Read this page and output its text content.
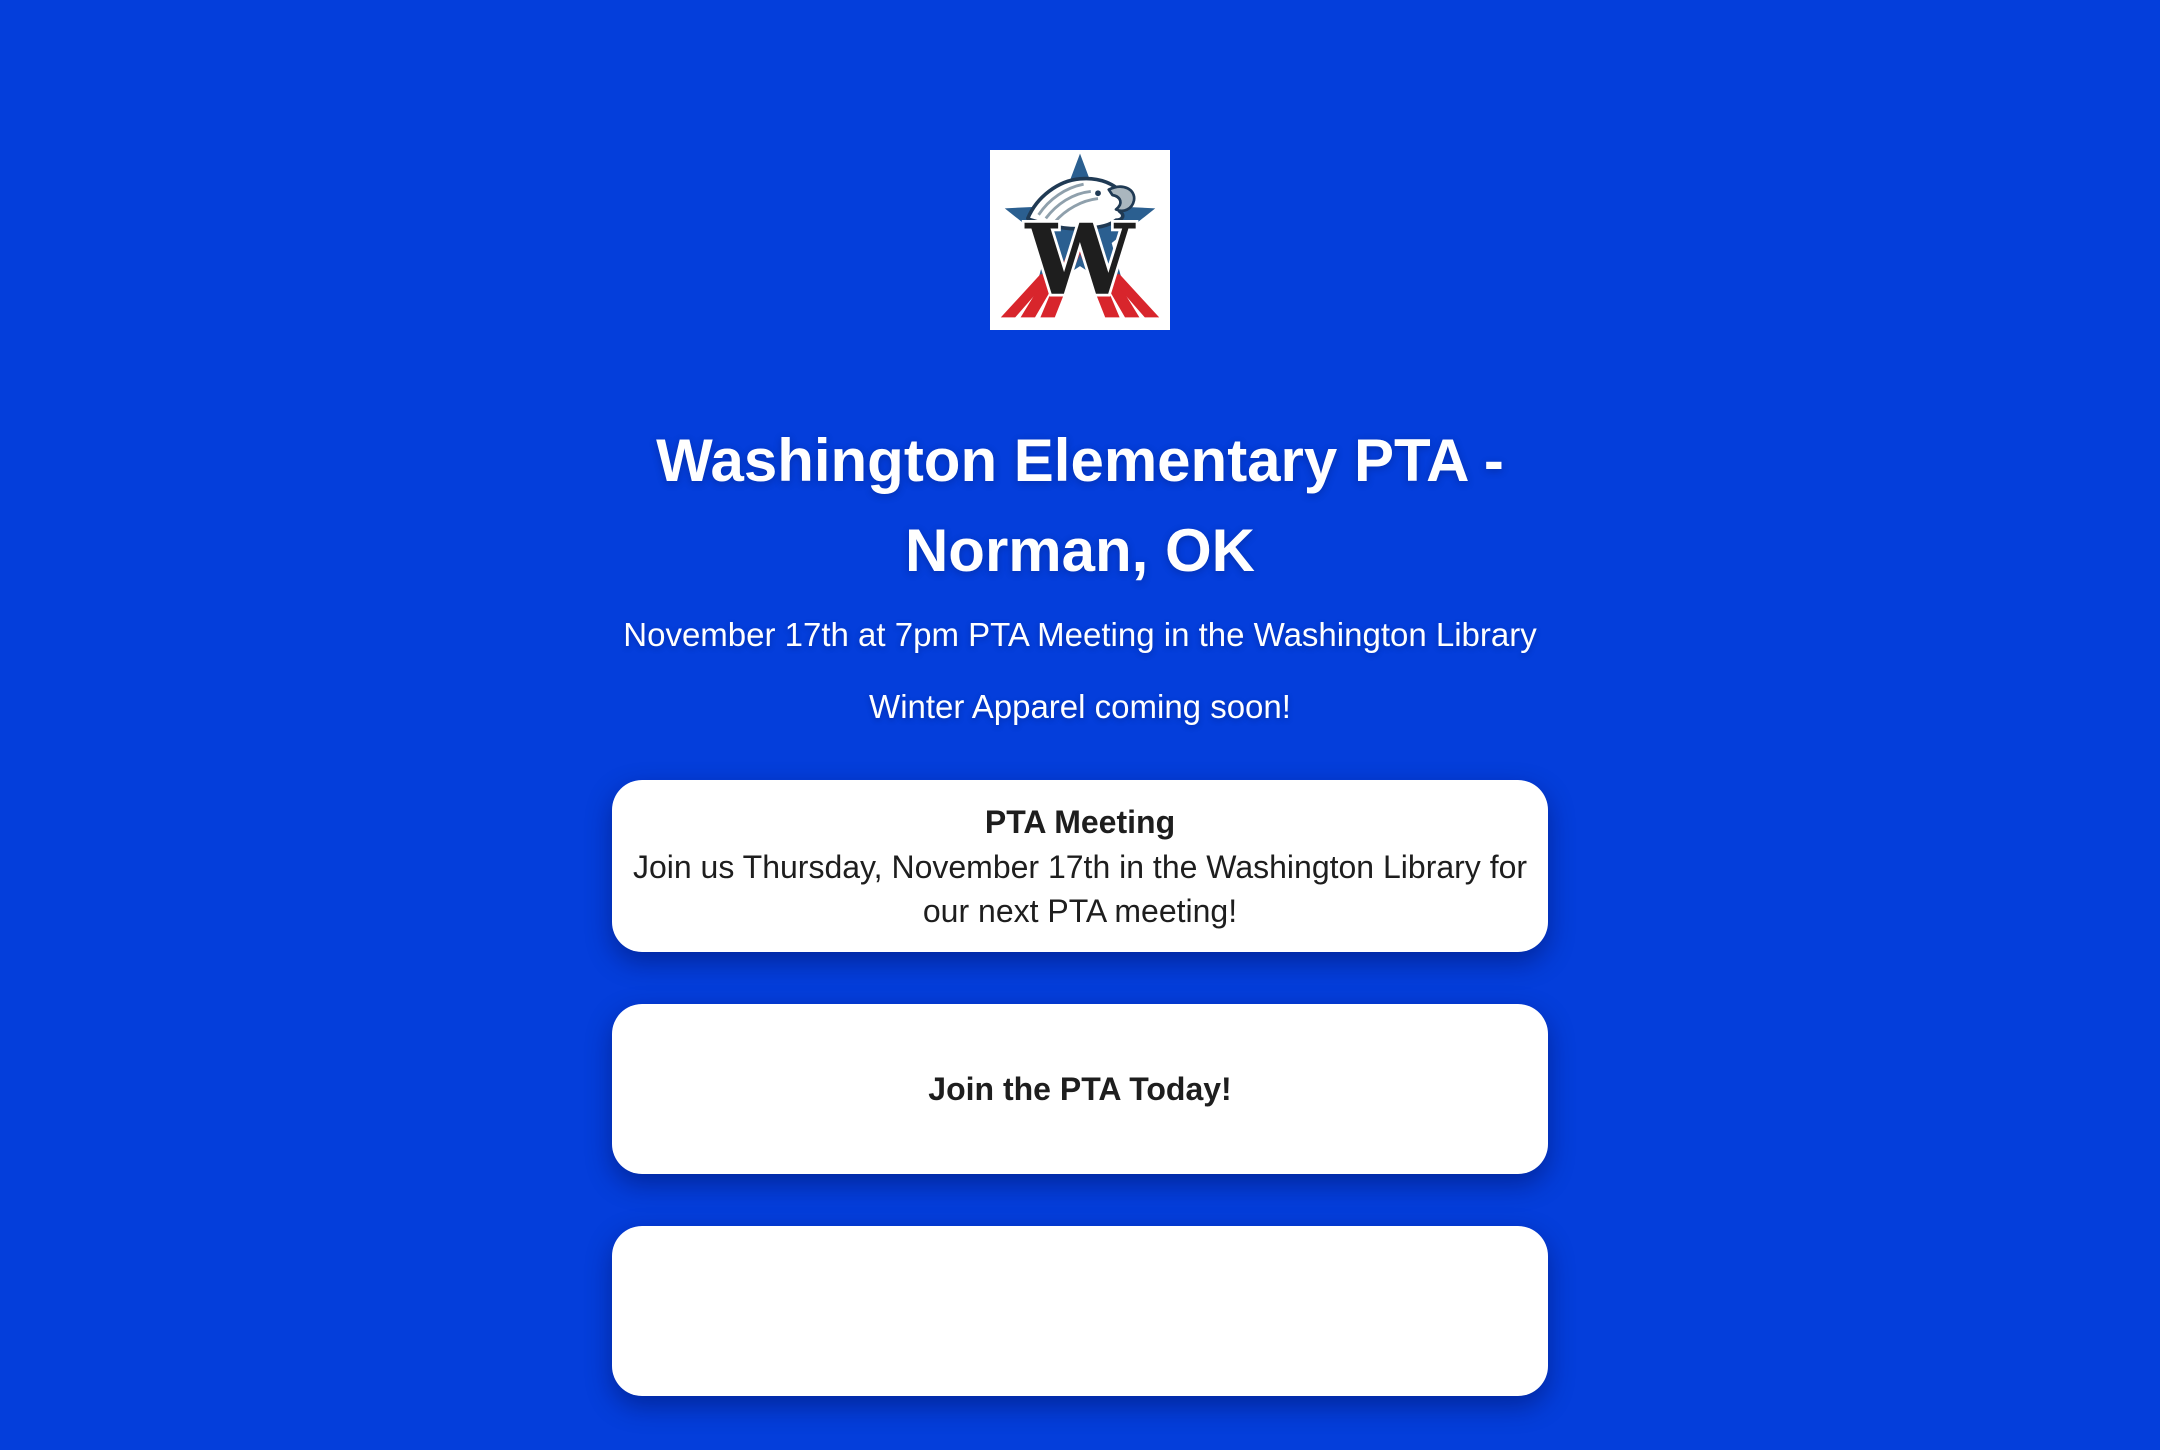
W
Washington Elementary PTA - Norman, OK

November 17th at 7pm PTA Meeting in the Washington Library

Winter Apparel coming soon!

PTA Meeting
Join us Thursday, November 17th in the Washington Library for our next PTA meeting!
Join the PTA Today!
